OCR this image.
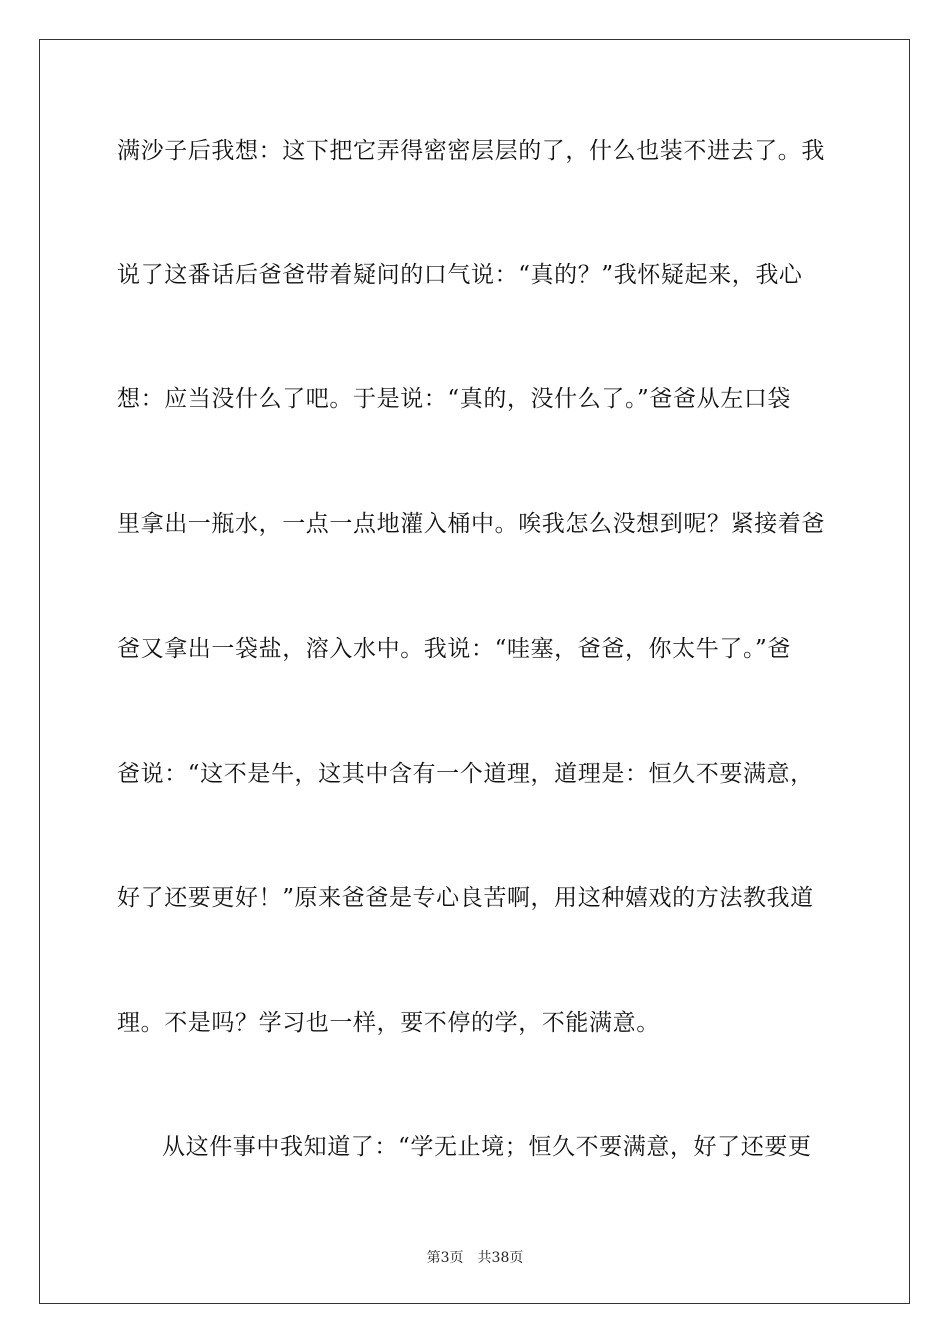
满沙子后我想：这下把它弄得密密层层的了，什么也装不进去了。我
说了这番话后爸爸带着疑问的口气说：“真的？”我怀疑起来，我心
想：应当没什么了吧。于是说：“真的，没什么了。”爸爸从左口袋
里拿出一瓶水，一点一点地灌入桶中。唉我怎么没想到呢？紧接着爸
爸又拿出一袋盐，溶入水中。我说：“哇塞，爸爸，你太牛了。”爸
爸说：“这不是牛，这其中含有一个道理，道理是：恒久不要满意，
好了还要更好！”原来爸爸是专心良苦啊，用这种嬉戏的方法教我道
理。不是吗？学习也一样，要不停的学，不能满意。
从这件事中我知道了：“学无止境；恒久不要满意，好了还要更
第3页 共38页
